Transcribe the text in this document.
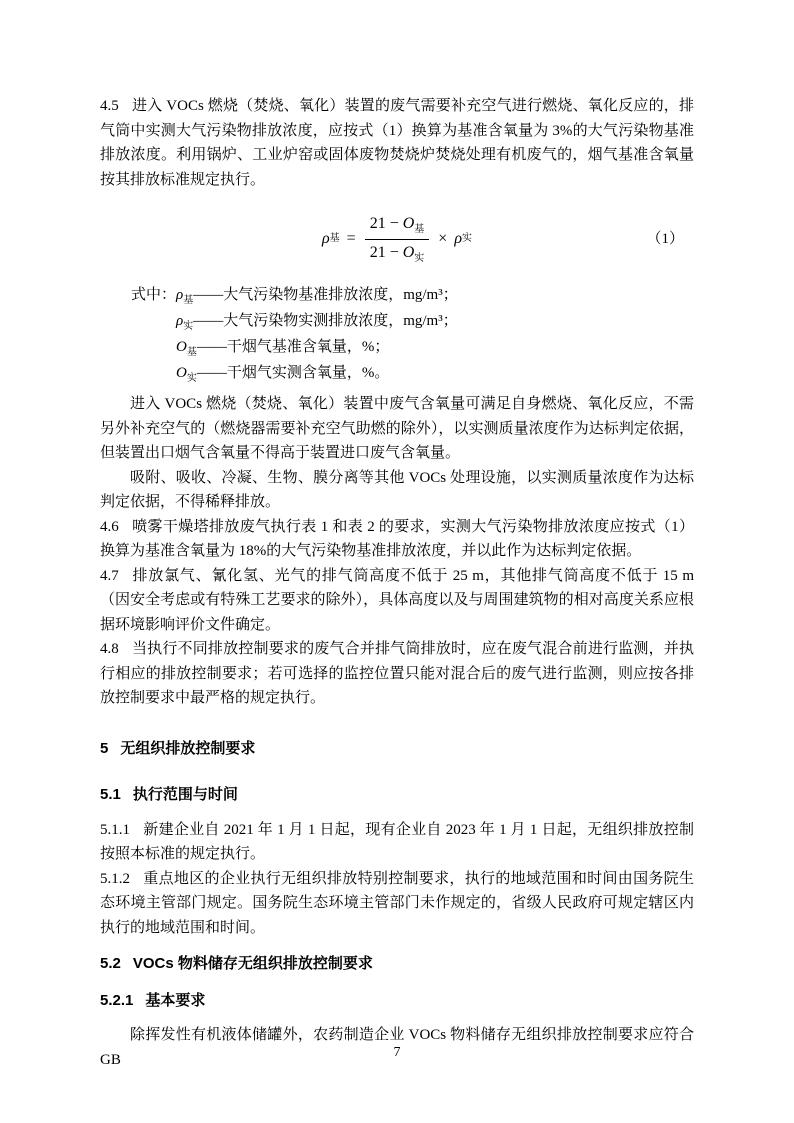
4.5 进入 VOCs 燃烧（焚烧、氧化）装置的废气需要补充空气进行燃烧、氧化反应的，排气筒中实测大气污染物排放浓度，应按式（1）换算为基准含氧量为 3%的大气污染物基准排放浓度。利用锅炉、工业炉窑或固体废物焚烧炉焚烧处理有机废气的，烟气基准含氧量按其排放标准规定执行。

ρ 基 = $\frac{21 - O_基}{21 - O_实} \times \rho$ 实	（1）

式中：$\rho_基——$大气污染物基准排放浓度，mg/m³；

$\rho_实——$大气污染物实测排放浓度，mg/m³；

$O_基——$干烟气基准含氧量，%；

$O_实——$干烟气实测含氧量，%。

进入 VOCs 燃烧（焚烧、氧化）装置中废气含氧量可满足自身燃烧、氧化反应，不需另外补充空气的（燃烧器需要补充空气助燃的除外），以实测质量浓度作为达标判定依据，但装置出口烟气含氧量不得高于装置进口废气含氧量。

吸附、吸收、冷凝、生物、膜分离等其他 VOCs 处理设施，以实测质量浓度作为达标判定依据，不得稀释排放。

4.6 喷雾干燥塔排放废气执行表 1 和表 2 的要求，实测大气污染物排放浓度应按式（1）换算为基准含氧量为 18%的大气污染物基准排放浓度，并以此作为达标判定依据。

4.7 排放氯气、氰化氢、光气的排气筒高度不低于 25 m，其他排气筒高度不低于 15 m（因安全考虑或有特殊工艺要求的除外），具体高度以及与周围建筑物的相对高度关系应根据环境影响评价文件确定。

4.8 当执行不同排放控制要求的废气合并排气筒排放时，应在废气混合前进行监测，并执行相应的排放控制要求；若可选择的监控位置只能对混合后的废气进行监测，则应按各排放控制要求中最严格的规定执行。

5 无组织排放控制要求

5.1 执行范围与时间

5.1.1 新建企业自 2021 年 1 月 1 日起，现有企业自 2023 年 1 月 1 日起，无组织排放控制按照本标准的规定执行。

5.1.2 重点地区的企业执行无组织排放特别控制要求，执行的地域范围和时间由国务院生态环境主管部门规定。国务院生态环境主管部门未作规定的，省级人民政府可规定辖区内执行的地域范围和时间。

5.2 VOCs 物料储存无组织排放控制要求

5.2.1 基本要求

除挥发性有机液体储罐外，农药制造企业 VOCs 物料储存无组织排放控制要求应符合 GB	7
